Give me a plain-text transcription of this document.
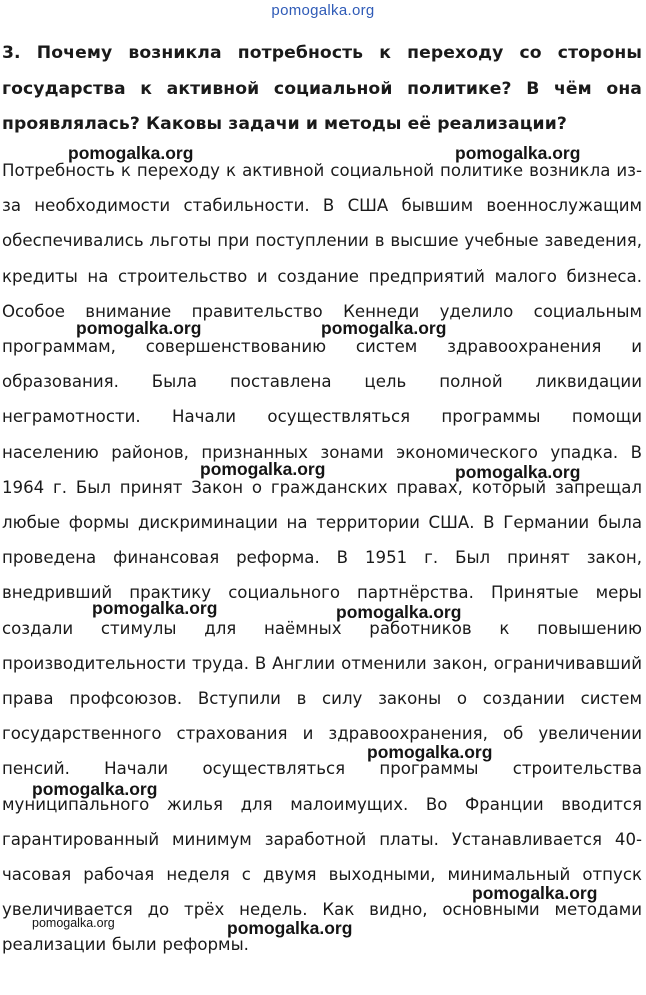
pomogalka.org
3. Почему возникла потребность к переходу со стороны государства к активной социальной политике? В чём она проявлялась? Каковы задачи и методы её реализации?
Потребность к переходу к активной социальной политике возникла из-за необходимости стабильности. В США бывшим военнослужащим обеспечивались льготы при поступлении в высшие учебные заведения, кредиты на строительство и создание предприятий малого бизнеса. Особое внимание правительство Кеннеди уделило социальным программам, совершенствованию систем здравоохранения и образования. Была поставлена цель полной ликвидации неграмотности. Начали осуществляться программы помощи населению районов, признанных зонами экономического упадка. В 1964 г. Был принят Закон о гражданских правах, который запрещал любые формы дискриминации на территории США. В Германии была проведена финансовая реформа. В 1951 г. Был принят закон, внедривший практику социального партнёрства. Принятые меры создали стимулы для наёмных работников к повышению производительности труда. В Англии отменили закон, ограничивавший права профсоюзов. Вступили в силу законы о создании систем государственного страхования и здравоохранения, об увеличении пенсий. Начали осуществляться программы строительства муниципального жилья для малоимущих. Во Франции вводится гарантированный минимум заработной платы. Устанавливается 40-часовая рабочая неделя с двумя выходными, минимальный отпуск увеличивается до трёх недель. Как видно, основными методами реализации были реформы.
pomogalka.org	pomogalka.org
pomogalka.org	pomogalka.org
pomogalka.org	pomogalka.org
pomogalka.org	pomogalka.org
pomogalka.org
pomogalka.org
pomogalka.org
pomogalka.org	pomogalka.org
